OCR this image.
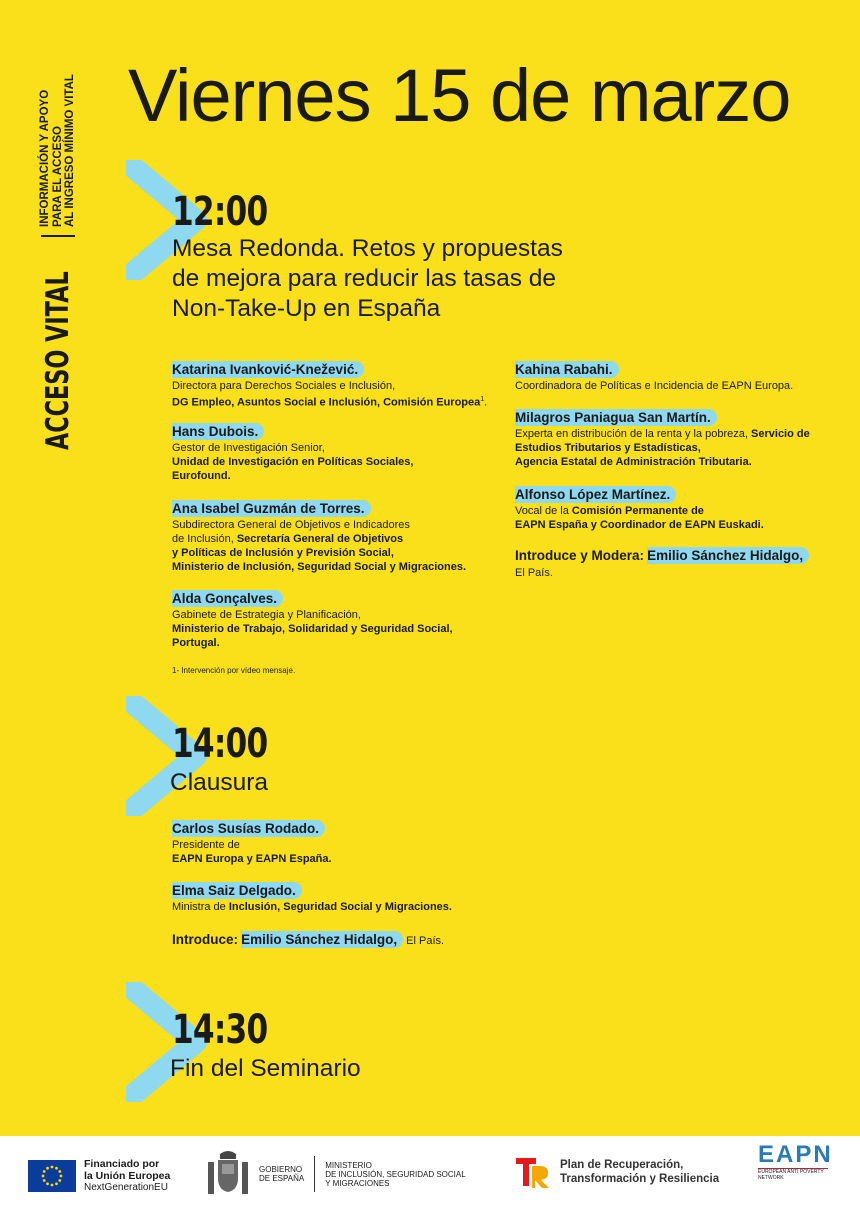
ACCESO VITAL
INFORMACIÓN Y APOYO PARA EL ACCESO AL INGRESO MÍNIMO VITAL Viernes 15 de marzo
12:00
Mesa Redonda. Retos y propuestas
de mejora para reducir las tasas de
Non-Take-Up en España
Katarina Ivanković-Knežević.
Directora para Derechos Sociales e Inclusión,
DG Empleo, Asuntos Social e Inclusión, Comisión Europea$^1$.
Hans Dubois.
Gestor de Investigación Senior,
Unidad de Investigación en Políticas Sociales,
Eurofound.
Ana Isabel Guzmán de Torres.
Subdirectora General de Objetivos e Indicadores
de Inclusión, Secretaría General de Objetivos
y Políticas de Inclusión y Previsión Social,
Ministerio de Inclusión, Seguridad Social y Migraciones.
Alda Gonçalves.
Gabinete de Estrategia y Planificación,
Ministerio de Trabajo, Solidaridad y Seguridad Social,
Portugal.
1- Intervención por vídeo mensaje.
Kahina Rabahi.
Coordinadora de Políticas e Incidencia de EAPN Europa.
Milagros Paniagua San Martín.
Experta en distribución de la renta y la pobreza, Servicio de
Estudios Tributarios y Estadísticas,
Agencia Estatal de Administración Tributaria.
Alfonso López Martínez.
Vocal de la Comisión Permanente de
EAPN España y Coordinador de EAPN Euskadi.
Introduce y Modera: Emilio Sánchez Hidalgo,
El País.
14:00
Clausura
Carlos Susías Rodado.
Presidente de
EAPN Europa y EAPN España.
Elma Saiz Delgado.
Ministra de Inclusión, Seguridad Social y Migraciones.
Introduce: Emilio Sánchez Hidalgo, El País.
14:30
Fin del Seminario
Financiado por
la Unión Europea
NextGenerationEU
GOBIERNO
DE ESPAÑA
MINISTERIO
DE INCLUSIÓN, SEGURIDAD SOCIAL
Y MIGRACIONES
Plan de Recuperación,
Transformación y Resiliencia
EAPN
EUROPEAN ANTI POVERTY NETWORK
